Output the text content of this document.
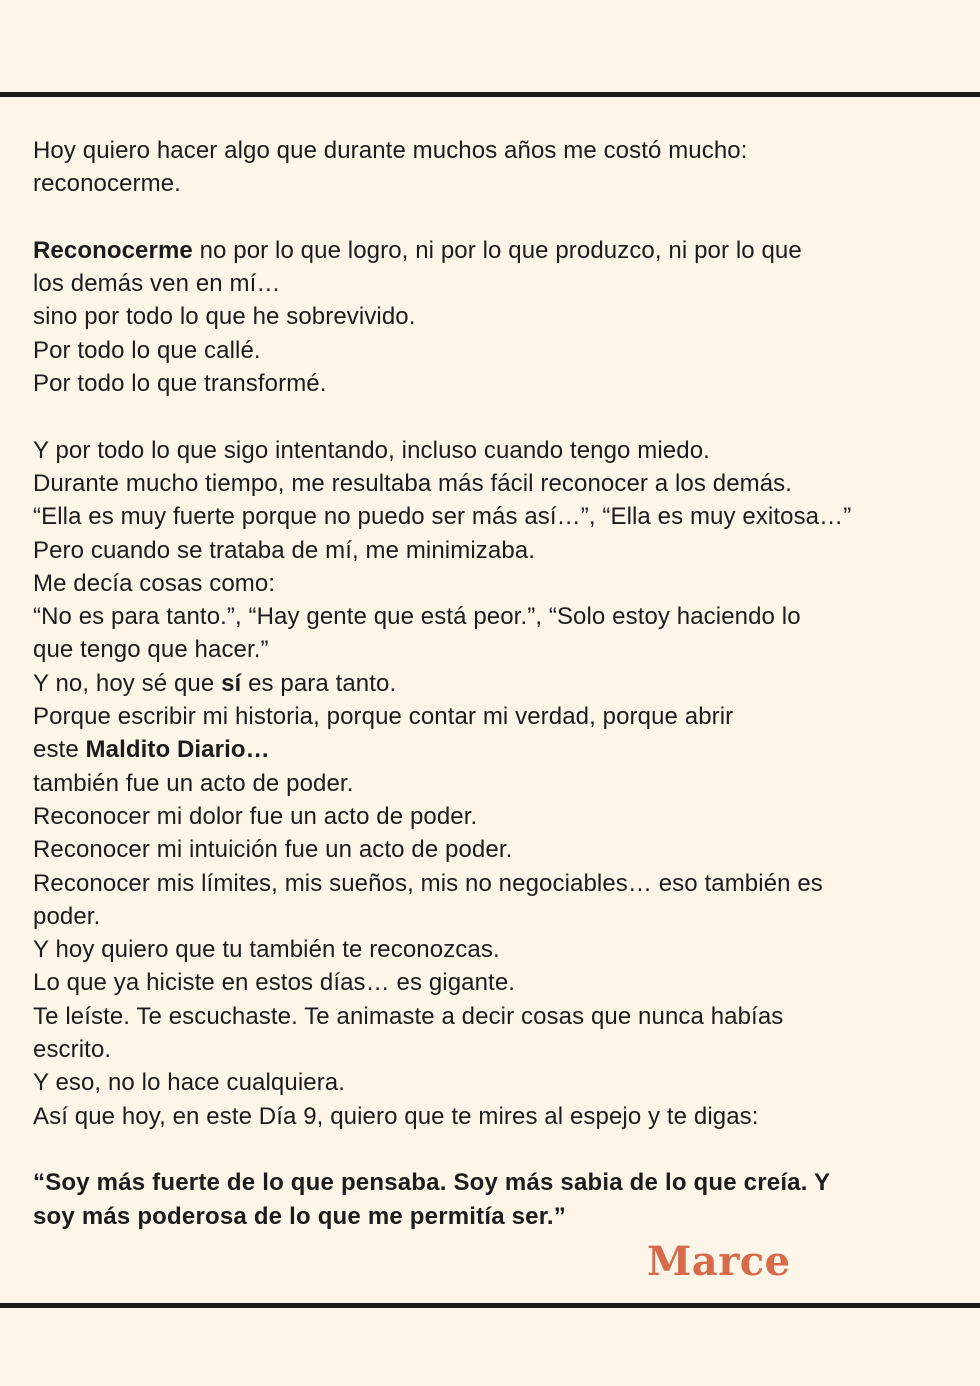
Hoy quiero hacer algo que durante muchos años me costó mucho:

reconocerme.

Reconocerme no por lo que logro, ni por lo que produzco, ni por lo que

los demás ven en mí…

sino por todo lo que he sobrevivido.

Por todo lo que callé.

Por todo lo que transformé.

Y por todo lo que sigo intentando, incluso cuando tengo miedo.

Durante mucho tiempo, me resultaba más fácil reconocer a los demás.

“Ella es muy fuerte porque no puedo ser más así…”, “Ella es muy exitosa…”

Pero cuando se trataba de mí, me minimizaba.

Me decía cosas como:

“No es para tanto.”, “Hay gente que está peor.”, “Solo estoy haciendo lo

que tengo que hacer.”

Y no, hoy sé que sí es para tanto.

Porque escribir mi historia, porque contar mi verdad, porque abrir

este Maldito Diario…

también fue un acto de poder.

Reconocer mi dolor fue un acto de poder.

Reconocer mi intuición fue un acto de poder.

Reconocer mis límites, mis sueños, mis no negociables… eso también es

poder.

Y hoy quiero que tu también te reconozcas.

Lo que ya hiciste en estos días… es gigante.

Te leíste. Te escuchaste. Te animaste a decir cosas que nunca habías

escrito.

Y eso, no lo hace cualquiera.

Así que hoy, en este Día 9, quiero que te mires al espejo y te digas:

“Soy más fuerte de lo que pensaba. Soy más sabia de lo que creía. Y

soy más poderosa de lo que me permitía ser.”

Marce
